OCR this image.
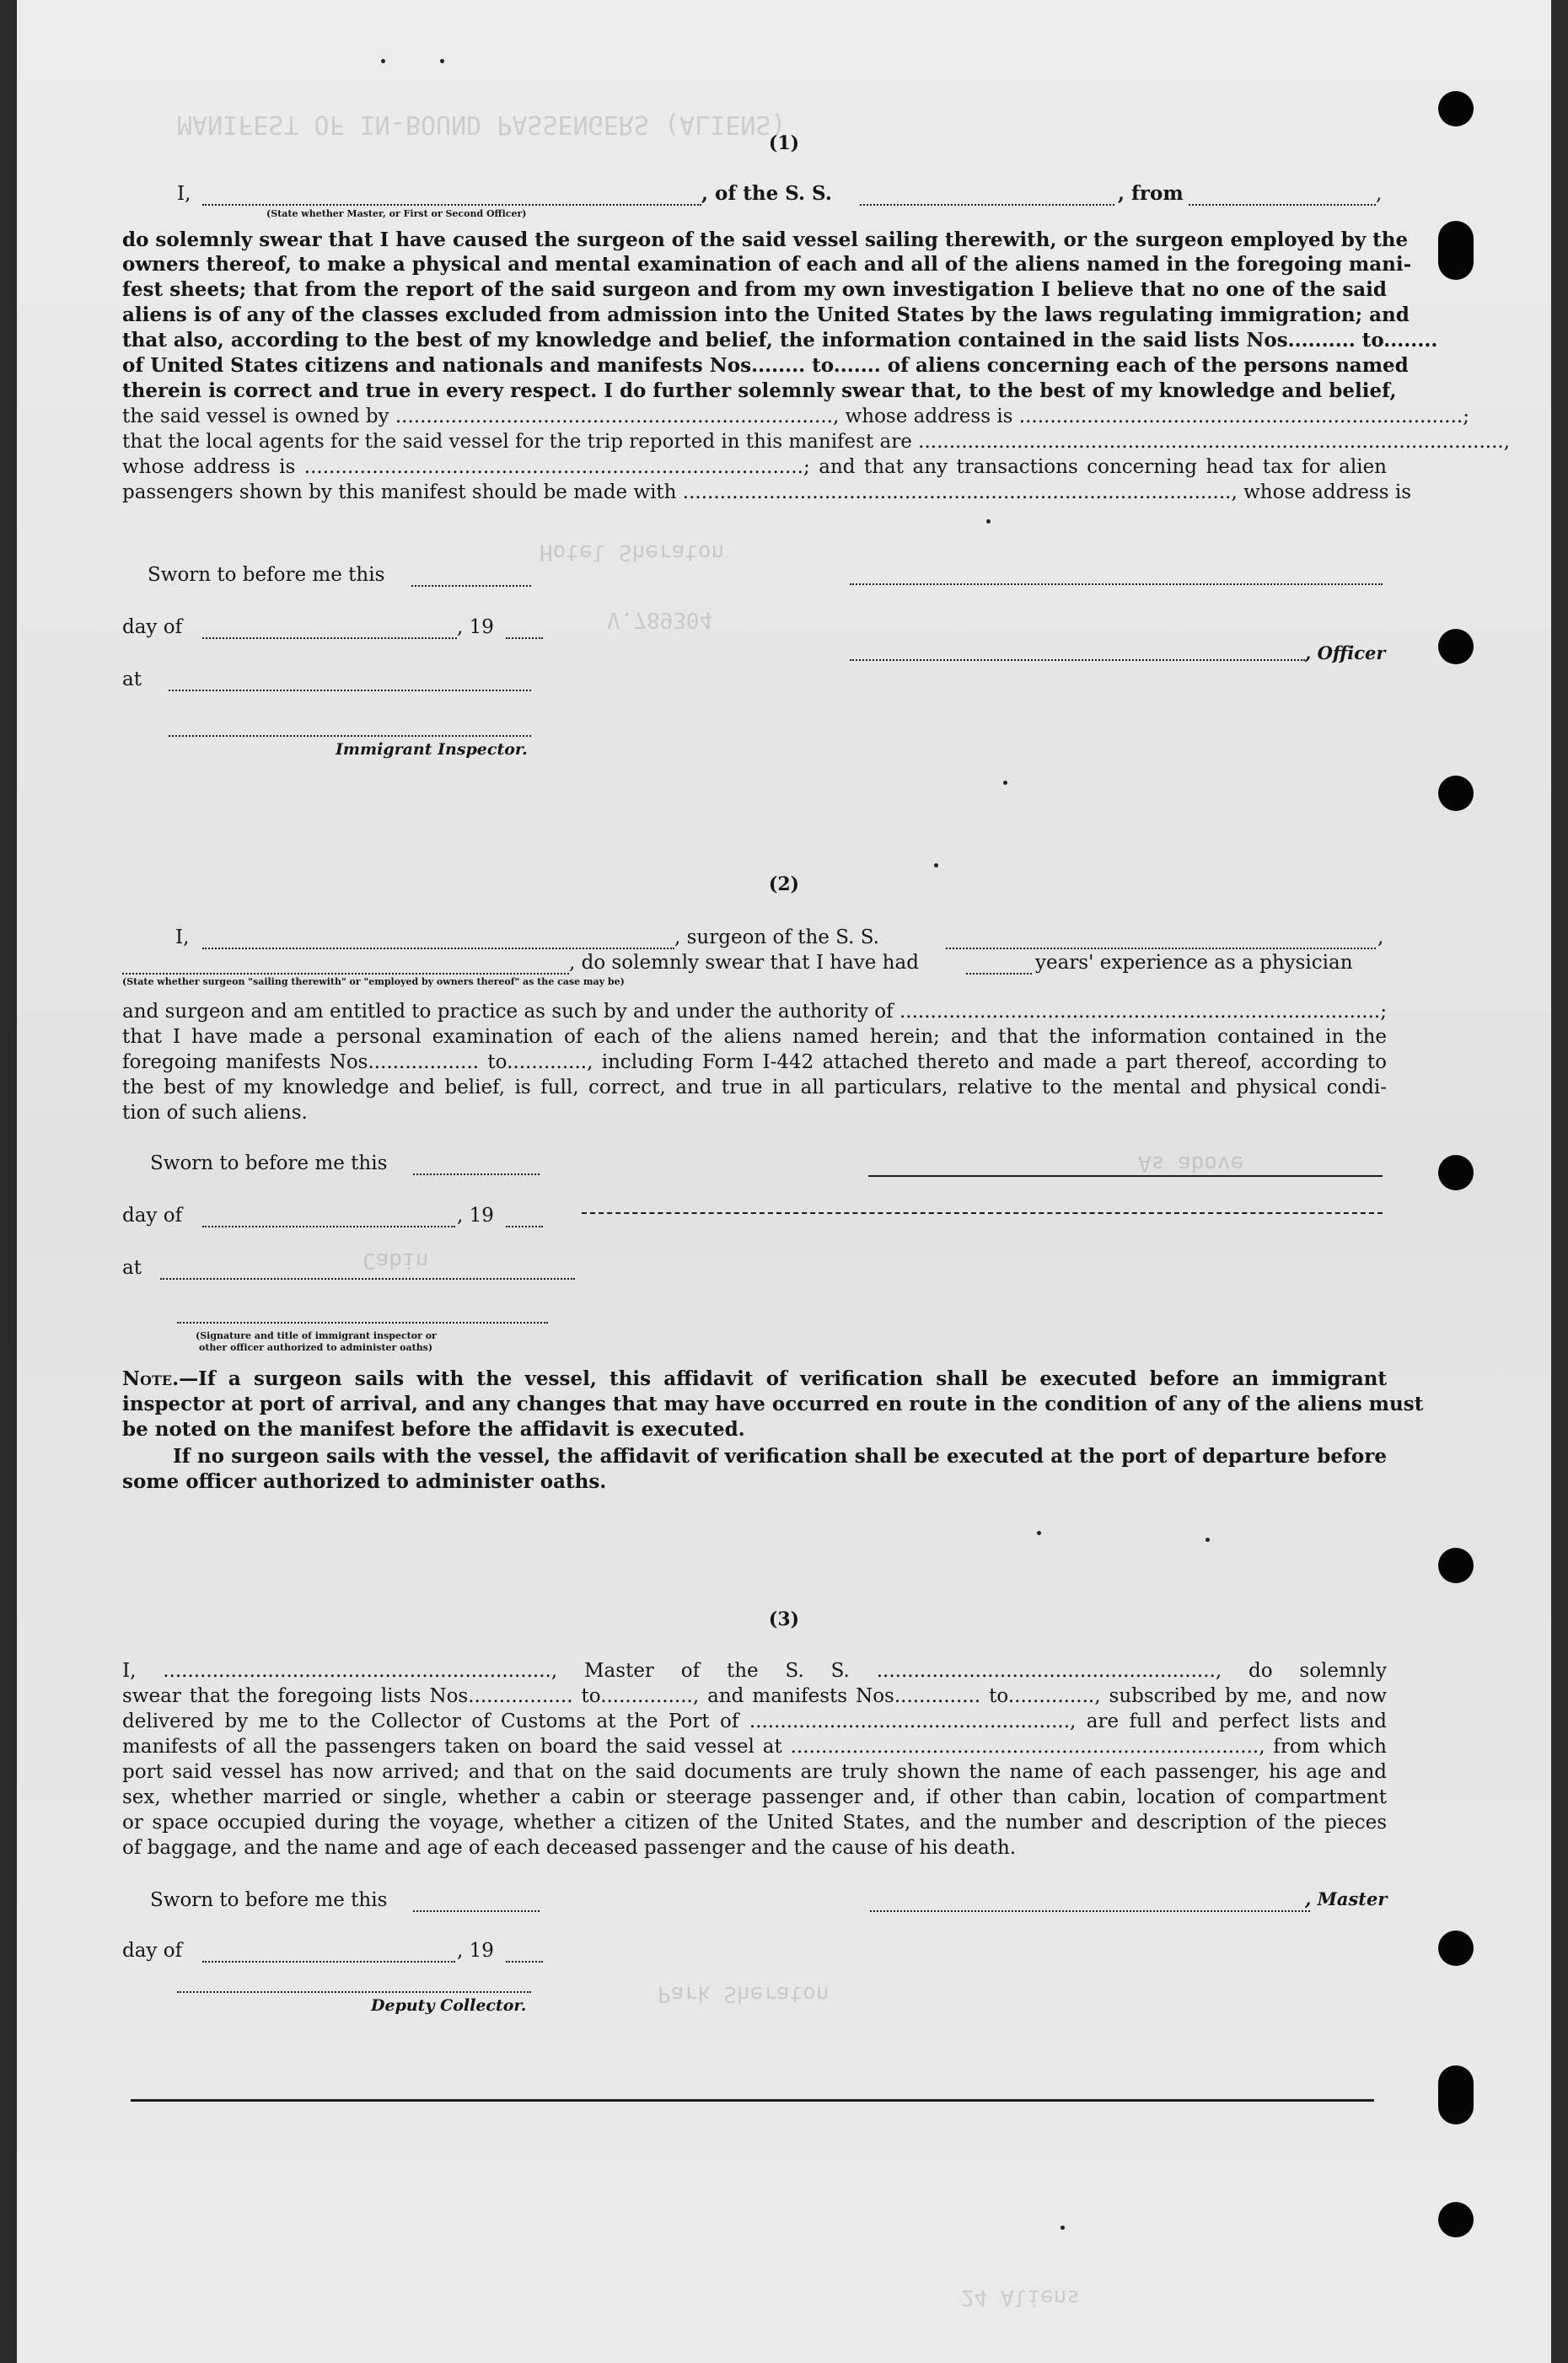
MANIFEST OF IN-BOUND PASSENGERS (ALIENS)
Hotel Sheraton
V.789304
Cabin
As above
Park Sheraton
24 Aliens
(1)
I,
(State whether Master, or First or Second Officer)
, of the S. S.	, from	,
do solemnly swear that I have caused the surgeon of the said vessel sailing therewith, or the surgeon employed by the
owners thereof, to make a physical and mental examination of each and all of the aliens named in the foregoing mani-
fest sheets; that from the report of the said surgeon and from my own investigation I believe that no one of the said
aliens is of any of the classes excluded from admission into the United States by the laws regulating immigration; and
that also, according to the best of my knowledge and belief, the information contained in the said lists Nos.......... to........
of United States citizens and nationals and manifests Nos........ to....... of aliens concerning each of the persons named
therein is correct and true in every respect. I do further solemnly swear that, to the best of my knowledge and belief,
the said vessel is owned by ......................................................................., whose address is ........................................................................;
that the local agents for the said vessel for the trip reported in this manifest are ...............................................................................................,
whose address is .................................................................................; and that any transactions concerning head tax for alien
passengers shown by this manifest should be made with ........................................................................................., whose address is
Sworn to before me this
day of	, 19
at
Immigrant Inspector.
, Officer
(2)
I,	, surgeon of the S. S.	,
(State whether surgeon "sailing therewith" or "employed by owners thereof" as the case may be)
, do solemnly swear that I have had	years' experience as a physician
and surgeon and am entitled to practice as such by and under the authority of ..............................................................................;
that I have made a personal examination of each of the aliens named herein; and that the information contained in the
foregoing manifests Nos.................. to............., including Form I-442 attached thereto and made a part thereof, according to
the best of my knowledge and belief, is full, correct, and true in all particulars, relative to the mental and physical condi-
tion of such aliens.
Sworn to before me this
day of	, 19
at
(Signature and title of immigrant inspector or
other officer authorized to administer oaths)
Note.—If a surgeon sails with the vessel, this affidavit of verification shall be executed before an immigrant
inspector at port of arrival, and any changes that may have occurred en route in the condition of any of the aliens must
be noted on the manifest before the affidavit is executed.
If no surgeon sails with the vessel, the affidavit of verification shall be executed at the port of departure before
some officer authorized to administer oaths.
(3)
I, ..............................................................., Master of the S. S. ......................................................., do solemnly
swear that the foregoing lists Nos................. to..............., and manifests Nos.............. to.............., subscribed by me, and now
delivered by me to the Collector of Customs at the Port of ...................................................., are full and perfect lists and
manifests of all the passengers taken on board the said vessel at ............................................................................, from which
port said vessel has now arrived; and that on the said documents are truly shown the name of each passenger, his age and
sex, whether married or single, whether a cabin or steerage passenger and, if other than cabin, location of compartment
or space occupied during the voyage, whether a citizen of the United States, and the number and description of the pieces
of baggage, and the name and age of each deceased passenger and the cause of his death.
Sworn to before me this
day of	, 19
, Master
Deputy Collector.
